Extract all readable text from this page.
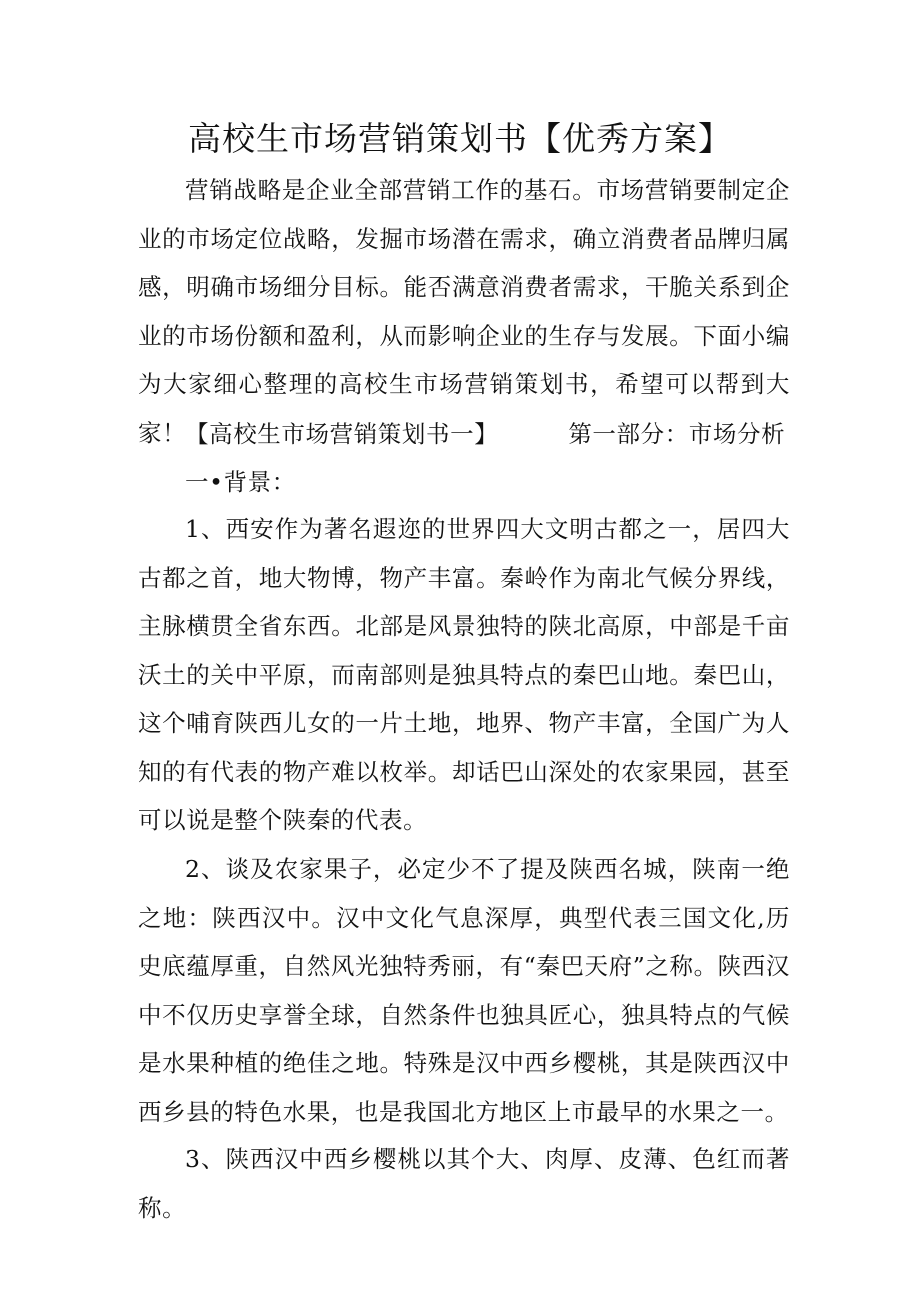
高校生市场营销策划书【优秀方案】

营销战略是企业全部营销工作的基石。市场营销要制定企业的市场定位战略，发掘市场潜在需求，确立消费者品牌归属感，明确市场细分目标。能否满意消费者需求，干脆关系到企业的市场份额和盈利，从而影响企业的生存与发展。下面小编为大家细心整理的高校生市场营销策划书，希望可以帮到大家！

【高校生市场营销策划书一】	第一部分：市场分析
一•背景：

1、西安作为著名遐迩的世界四大文明古都之一，居四大古都之首，地大物博，物产丰富。秦岭作为南北气候分界线，主脉横贯全省东西。北部是风景独特的陕北高原，中部是千亩沃土的关中平原，而南部则是独具特点的秦巴山地。秦巴山，这个哺育陕西儿女的一片土地，地界、物产丰富，全国广为人知的有代表的物产难以枚举。却话巴山深处的农家果园，甚至可以说是整个陕秦的代表。

2、谈及农家果子，必定少不了提及陕西名城，陕南一绝之地：陕西汉中。汉中文化气息深厚，典型代表三国文化,历史底蕴厚重，自然风光独特秀丽，有“秦巴天府”之称。陕西汉中不仅历史享誉全球，自然条件也独具匠心，独具特点的气候是水果种植的绝佳之地。特殊是汉中西乡樱桃，其是陕西汉中西乡县的特色水果，也是我国北方地区上市最早的水果之一。

3、陕西汉中西乡樱桃以其个大、肉厚、皮薄、色红而著称。
